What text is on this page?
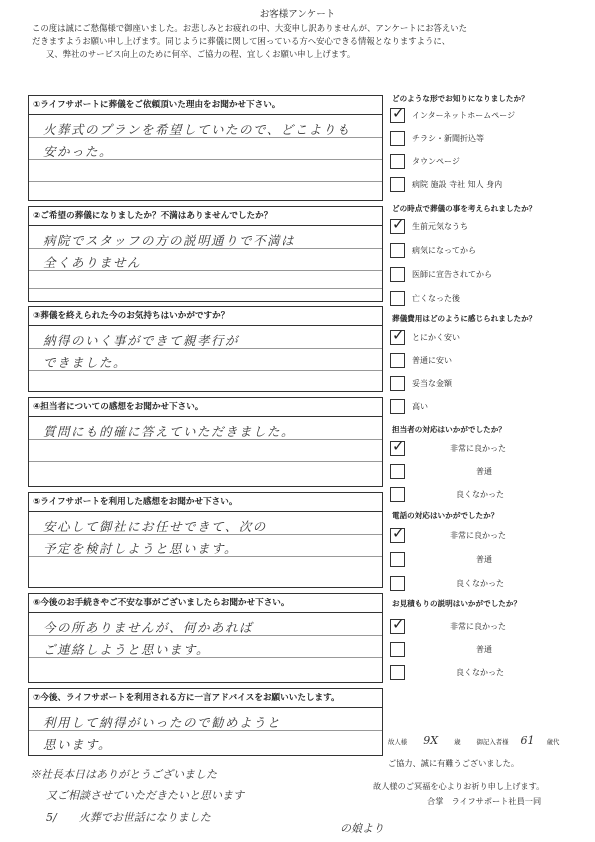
お客様アンケート
この度は誠にご愁傷様で御座いました。お悲しみとお疲れの中、大変申し訳ありませんが、アンケートにお答えいた
だきますようお願い申し上げます。同じように葬儀に関して困っている方へ安心できる情報となりますように、
又、弊社のサービス向上のために何卒、ご協力の程、宜しくお願い申し上げます。
①ライフサポートに葬儀をご依頼頂いた理由をお聞かせ下さい。
火葬式のプランを希望していたので、どこよりも
安かった。
②ご希望の葬儀になりましたか？不満はありませんでしたか？
病院でスタッフの方の説明通りで不満は
全くありません
③葬儀を終えられた今のお気持ちはいかがですか？
納得のいく事ができて親孝行が
できました。
④担当者についての感想をお聞かせ下さい。
質問にも的確に答えていただきました。
⑤ライフサポートを利用した感想をお聞かせ下さい。
安心して御社にお任せできて、次の
予定を検討しようと思います。
⑥今後のお手続きやご不安な事がございましたらお聞かせ下さい。
今の所ありませんが、何かあれば
ご連絡しようと思います。
⑦今後、ライフサポートを利用される方に一言アドバイスをお願いいたします。
利用して納得がいったので勧めようと
思います。
どのような形でお知りになりましたか？
✓ インターネットホームページ
チラシ・新聞折込等
タウンページ
病院 施設 寺社 知人 身内
どの時点で葬儀の事を考えられましたか？
✓ 生前元気なうち
病気になってから
医師に宣告されてから
亡くなった後
葬儀費用はどのように感じられましたか？
✓ とにかく安い
普通に安い
妥当な金額
高い
担当者の対応はいかがでしたか？
✓	非常に良かった
普通
良くなかった
電話の対応はいかがでしたか？
✓	非常に良かった
普通
良くなかった
お見積もりの説明はいかがでしたか？
✓	非常に良かった
普通
良くなかった
故人様 9X	歳	御記入者様 61 歳代
ご協力、誠に有難うございました。
故人様のご冥福を心よりお祈り申し上げます。
合掌　ライフサポート社員一同
※社長本日はありがとうございました
又ご相談させていただきたいと思います
5/　　火葬でお世話になりました
の娘より
